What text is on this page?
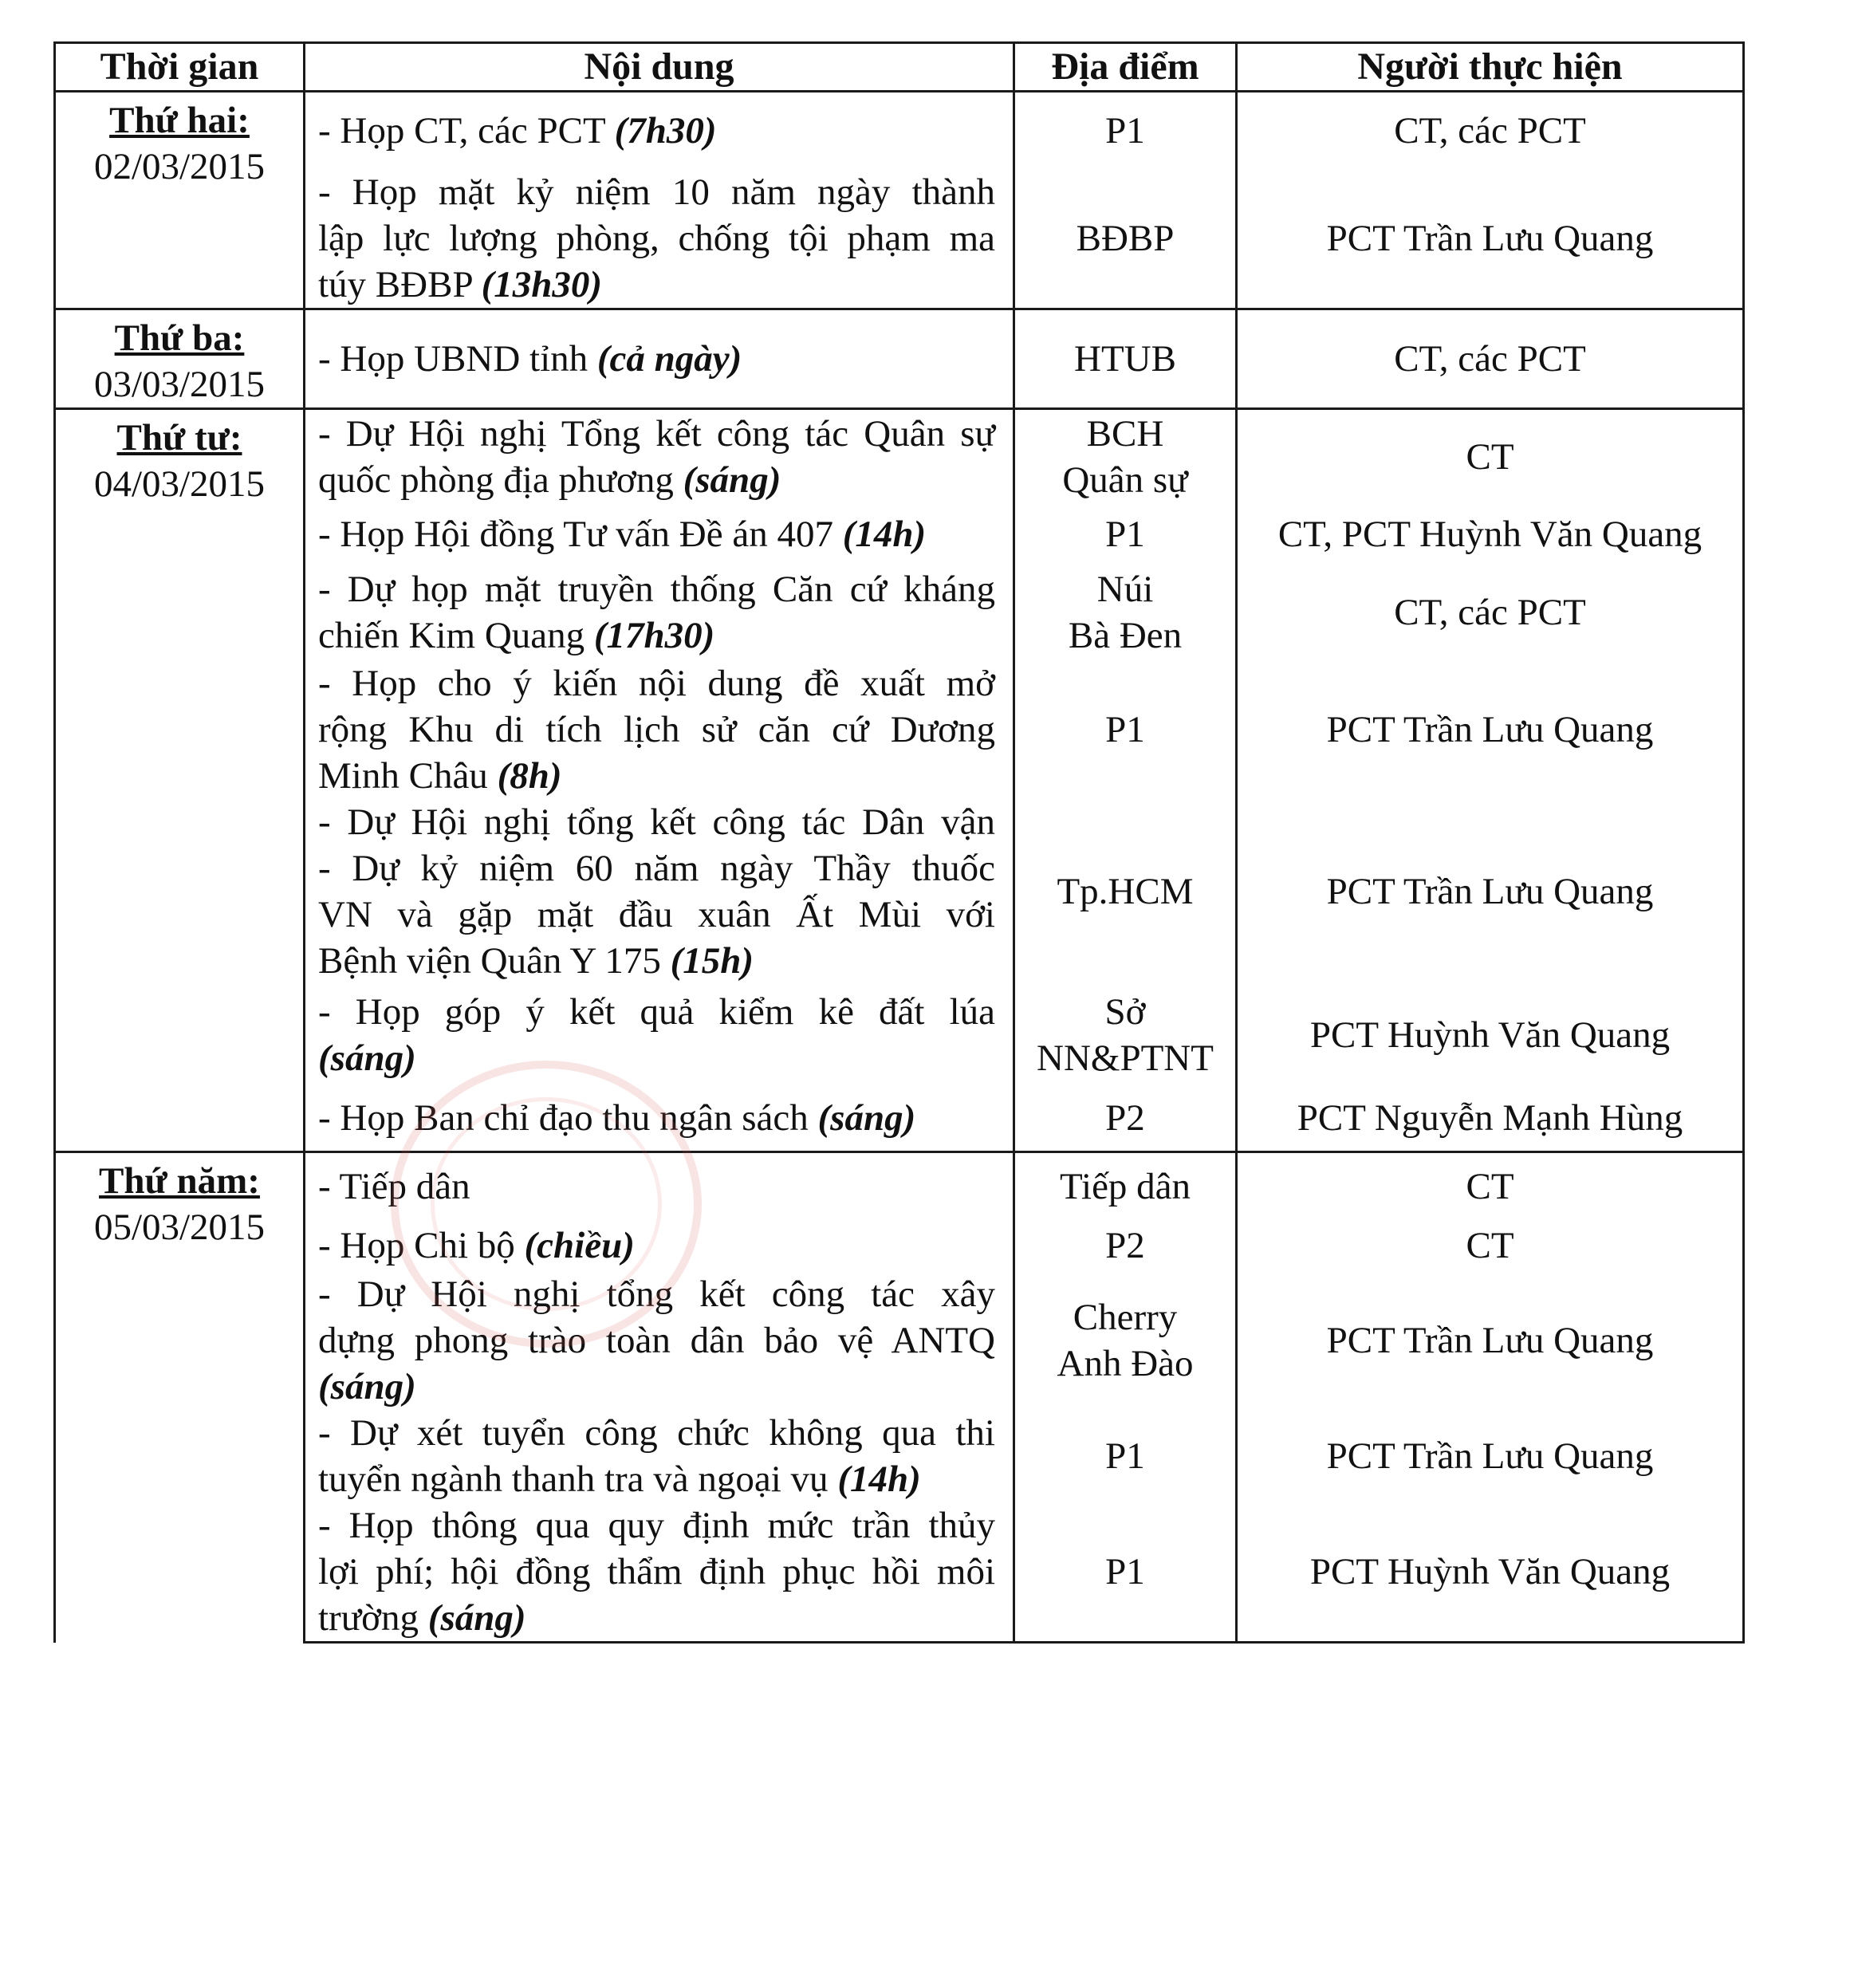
Thời gian	Nội dung	Địa điểm	Người thực hiện

Thứ hai:
02/03/2015	- Họp CT, các PCT (7h30)	P1	CT, các PCT

	- Họp mặt kỷ niệm 10 năm ngày thành
lập lực lượng phòng, chống tội phạm ma
túy BĐBP (13h30)	BĐBP	PCT Trần Lưu Quang

Thứ ba:
03/03/2015	- Họp UBND tỉnh (cả ngày)	HTUB	CT, các PCT

Thứ tư:
04/03/2015	- Dự Hội nghị Tổng kết công tác Quân sự
quốc phòng địa phương (sáng)	BCH
Quân sự	CT
	- Họp Hội đồng Tư vấn Đề án 407 (14h)	P1	CT, PCT Huỳnh Văn Quang

	- Dự họp mặt truyền thống Căn cứ kháng
chiến Kim Quang (17h30)	Núi
Bà Đen	CT, các PCT

	- Họp cho ý kiến nội dung đề xuất mở
rộng Khu di tích lịch sử căn cứ Dương
Minh Châu (8h)	P1	PCT Trần Lưu Quang

	- Dự Hội nghị tổng kết công tác Dân vận
- Dự kỷ niệm 60 năm ngày Thầy thuốc
VN và gặp mặt đầu xuân Ất Mùi với
Bệnh viện Quân Y 175 (15h)	Tp.HCM	PCT Trần Lưu Quang

	- Họp góp ý kết quả kiểm kê đất lúa
(sáng)	Sở
NN&PTNT	PCT Huỳnh Văn Quang
	- Họp Ban chỉ đạo thu ngân sách (sáng)	P2	PCT Nguyễn Mạnh Hùng

Thứ năm:
05/03/2015	- Tiếp dân	Tiếp dân	CT
	- Họp Chi bộ (chiều)	P2	CT

	- Dự Hội nghị tổng kết công tác xây
dựng phong trào toàn dân bảo vệ ANTQ
(sáng)	Cherry
Anh Đào	PCT Trần Lưu Quang

	- Dự xét tuyển công chức không qua thi
tuyển ngành thanh tra và ngoại vụ (14h)	P1	PCT Trần Lưu Quang

	- Họp thông qua quy định mức trần thủy
lợi phí; hội đồng thẩm định phục hồi môi
trường (sáng)	P1	PCT Huỳnh Văn Quang
